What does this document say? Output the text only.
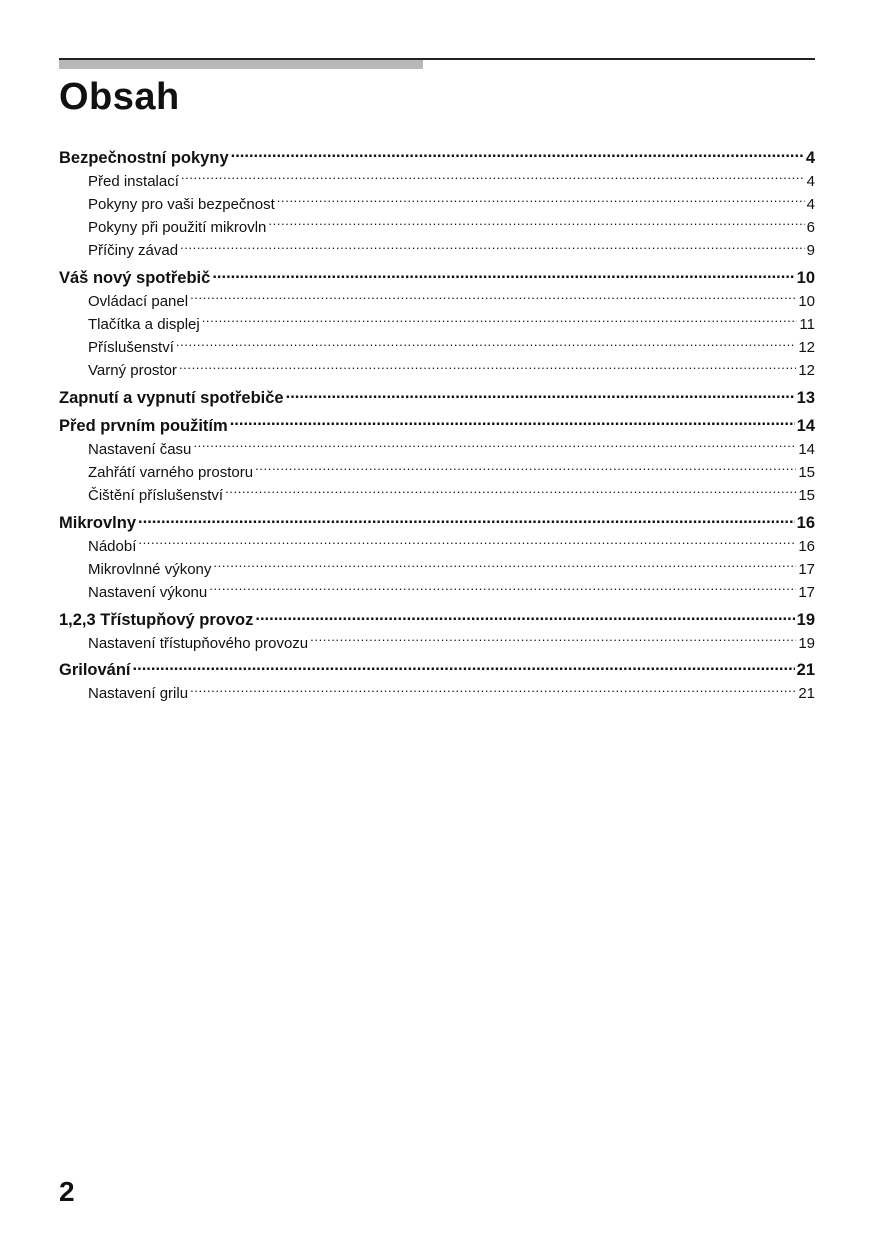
Obsah
Bezpečnostní pokyny .....	4
Před instalací .....	4
Pokyny pro vaši bezpečnost .....	4
Pokyny při použití mikrovln .....	6
Příčiny závad .....	9
Váš nový spotřebič .....	10
Ovládací panel .....	10
Tlačítka a displej .....	11
Příslušenství .....	12
Varný prostor .....	12
Zapnutí a vypnutí spotřebiče .....	13
Před prvním použitím .....	14
Nastavení času .....	14
Zahřátí varného prostoru .....	15
Čištění příslušenství .....	15
Mikrovlny .....	16
Nádobí .....	16
Mikrovlnné výkony .....	17
Nastavení výkonu .....	17
1,2,3 Třístupňový provoz .....	19
Nastavení třístupňového provozu .....	19
Grilování .....	21
Nastavení grilu .....	21
2
